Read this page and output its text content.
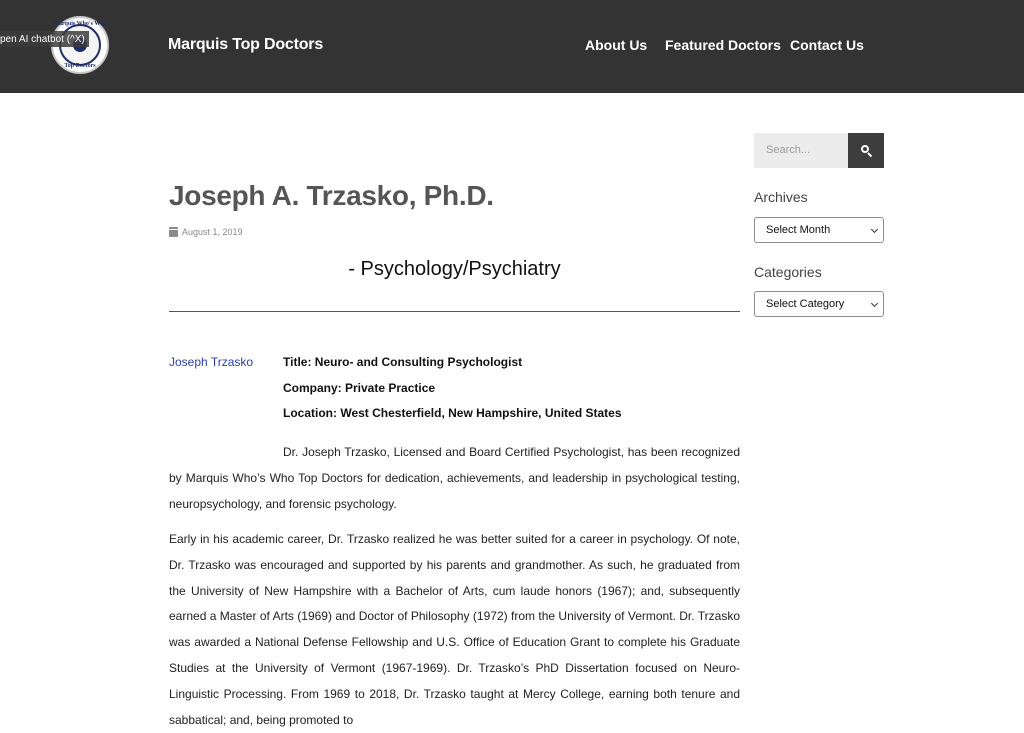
Marquis Who's Who
Top Doctors
pen AI chatbot (^X)	Marquis Top Doctors	About Us Featured Doctors Contact Us
Joseph A. Trzasko, Ph.D.
August 1, 2019
- Psychology/Psychiatry
Joseph Trzasko Title: Neuro- and Consulting Psychologist
Company: Private Practice
Location: West Chesterfield, New Hampshire, United States

Dr. Joseph Trzasko, Licensed and Board Certified Psychologist, has been recognized by Marquis Who’s Who Top Doctors for dedication, achievements, and leadership in psychological testing, neuropsychology, and forensic psychology.

Early in his academic career, Dr. Trzasko realized he was better suited for a career in psychology. Of note, Dr. Trzasko was encouraged and supported by his parents and grandmother. As such, he graduated from the University of New Hampshire with a Bachelor of Arts, cum laude honors (1967); and, subsequently earned a Master of Arts (1969) and Doctor of Philosophy (1972) from the University of Vermont. Dr. Trzasko was awarded a National Defense Fellowship and U.S. Office of Education Grant to complete his Graduate Studies at the University of Vermont (1967-1969). Dr. Trzasko’s PhD Dissertation focused on Neuro-Linguistic Processing. From 1969 to 2018, Dr. Trzasko taught at Mercy College, earning both tenure and sabbatical; and, being promoted to

Search...
Archives
Select Month
Categories
Select Category
